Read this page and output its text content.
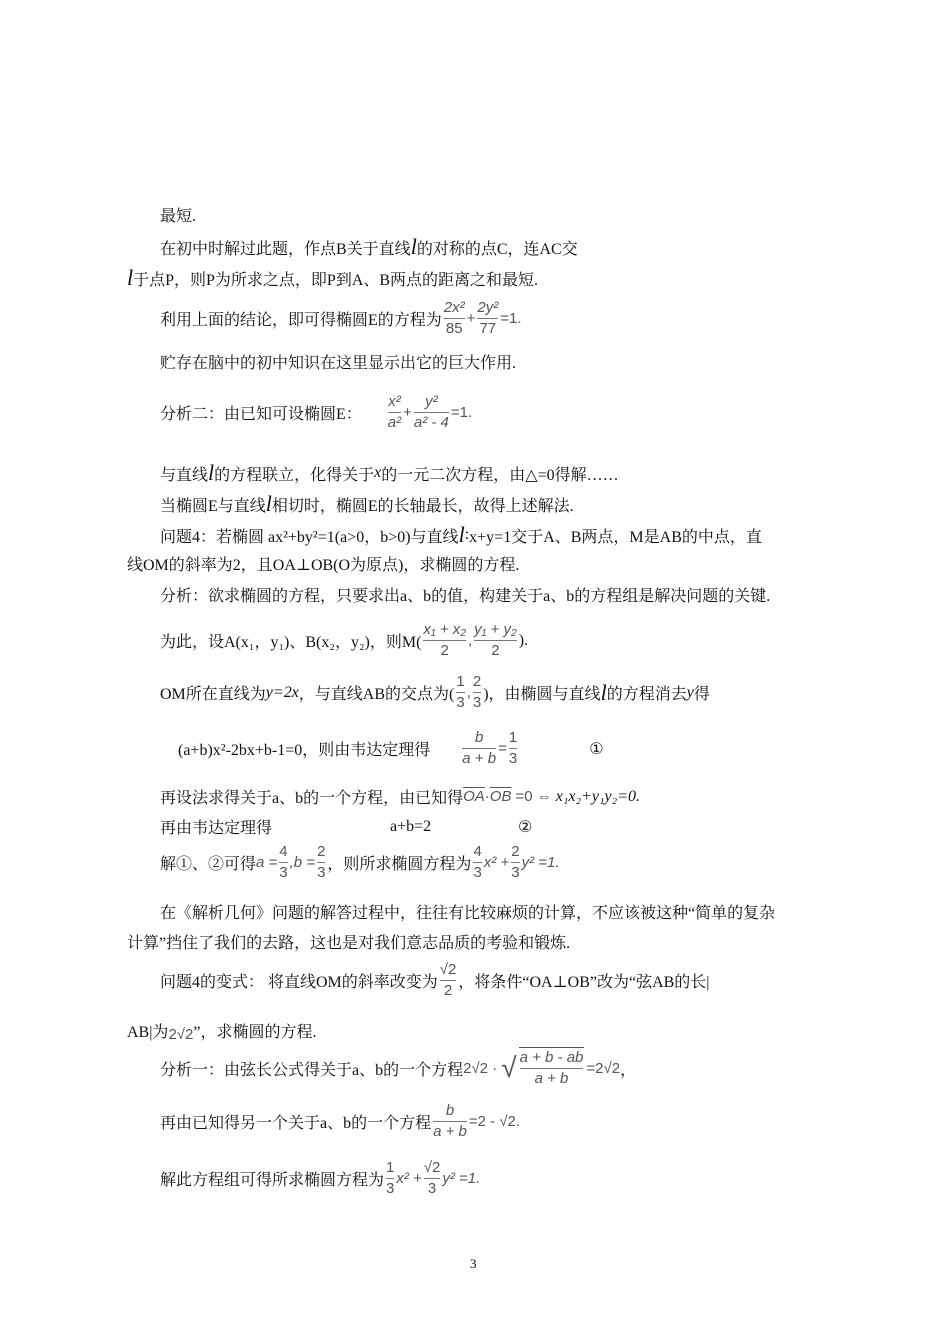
最短.
在初中时解过此题，作点B关于直线 l 的对称的点C，连AC交
l 于点P，则P为所求之点，即P到A、B两点的距离之和最短.
利用上面的结论，即可得椭圆E的方程为
2x²
85
+
2y²
77
=1.
贮存在脑中的初中知识在这里显示出它的巨大作用.
分析二：由已知可设椭圆E：
x²
a²
+
y²
a² - 4
=1.
与直线 l 的方程联立，化得关于 x 的一元二次方程，由△=0得解……
当椭圆E与直线 l 相切时，椭圆E的长轴最长，故得上述解法.
问题4：若椭圆 ax²+by²=1(a>0，b>0)与直线 l : x+y=1交于A、B两点，M是AB的中点，直
线OM的斜率为2，且OA⊥OB(O为原点)，求椭圆的方程.
分析：欲求椭圆的方程，只要求出a、b的值，构建关于a、b的方程组是解决问题的关键.
为此，设A(x₁，y₁)、B(x₂，y₂)，则M(
x₁ + x₂
2
,
y₁ + y₂
2
).
OM所在直线为 y=2x ，与直线AB的交点为(
1
3
,
2
3 )，由椭圆与直线 l 的方程消去 y 得
(a+b)x²-2bx+b-1=0，则由韦达定理得
b
a + b
=
1
3
①
再设法求得关于a、b的一个方程，由已知得 $\overline{OA} \cdot \overline{OB} =0$ ⇔ x₁x₂+y₁y₂=0.
再由韦达定理得	a+b=2	②
解①、②可得 a =
4
3
,b =
2
3 ，则所求椭圆方程为
4
3
x² +
2
3
y² =1.
在《解析几何》问题的解答过程中，往往有比较麻烦的计算，不应该被这种“简单的复杂
计算”挡住了我们的去路，这也是对我们意志品质的考验和锻炼.
问题4的变式： 将直线OM的斜率改变为
√2
2 ，将条件“OA⊥OB”改为“弦AB的长|
AB|为 2√2 ”，求椭圆的方程.
分析一：由弦长公式得关于a、b的一个方程 2√2 · √ a + b - ab
a + b
=2√2 ，
再由已知得另一个关于a、b的一个方程
b
a + b
=2 - √2.
解此方程组可得所求椭圆方程为
1
3
x² +
√2
3
y² =1.
3
